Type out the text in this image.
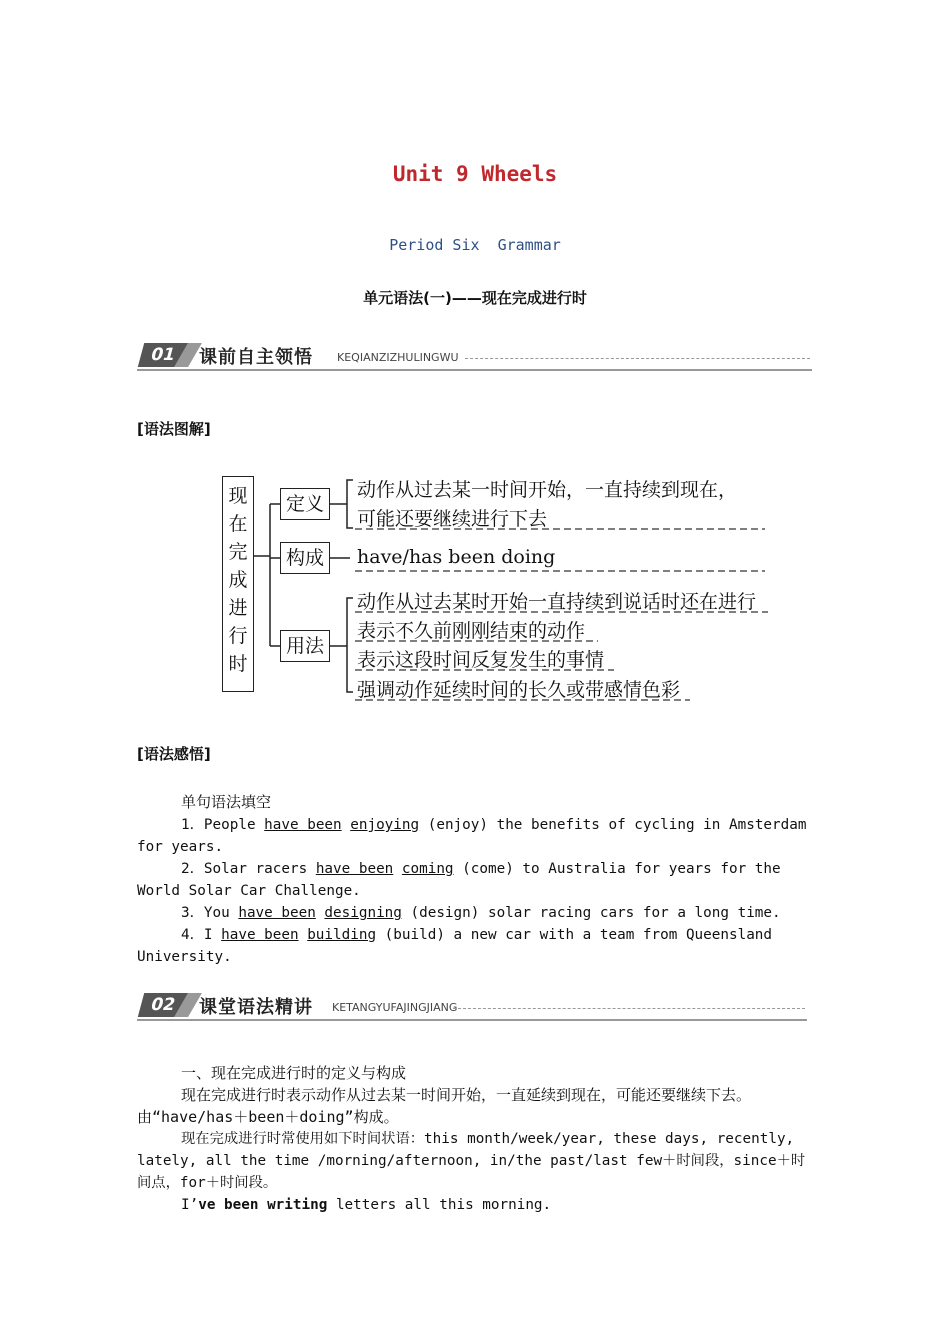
Unit 9 Wheels
Period Six  Grammar
单元语法(一)——现在完成进行时
01	课前自主领悟 KEQIANZIZHULINGWU
[语法图解]
现
在
完
成
进
行
时
定义
构成
用法
动作从过去某一时间开始，一直持续到现在，
可能还要继续进行下去
have/has been doing
动作从过去某时开始一直持续到说话时还在进行
表示不久前刚刚结束的动作
表示这段时间反复发生的事情
强调动作延续时间的长久或带感情色彩
[语法感悟]
单句语法填空
1．People have been enjoying (enjoy) the benefits of cycling in Amsterdam for years.
2．Solar racers have been coming (come) to Australia for years for the World Solar Car Challenge.
3．You have been designing (design) solar racing cars for a long time.
4．I have been building (build) a new car with a team from Queensland University.
02	课堂语法精讲 KETANGYUFAJINGJIANG
一、现在完成进行时的定义与构成
现在完成进行时表示动作从过去某一时间开始，一直延续到现在，可能还要继续下去。由“have/has＋been＋doing”构成。
现在完成进行时常使用如下时间状语：this month/week/year, these days, recently, lately, all the time /morning/afternoon, in/the past/last few＋时间段，since＋时间点，for＋时间段。
I’ve been writing letters all this morning.
